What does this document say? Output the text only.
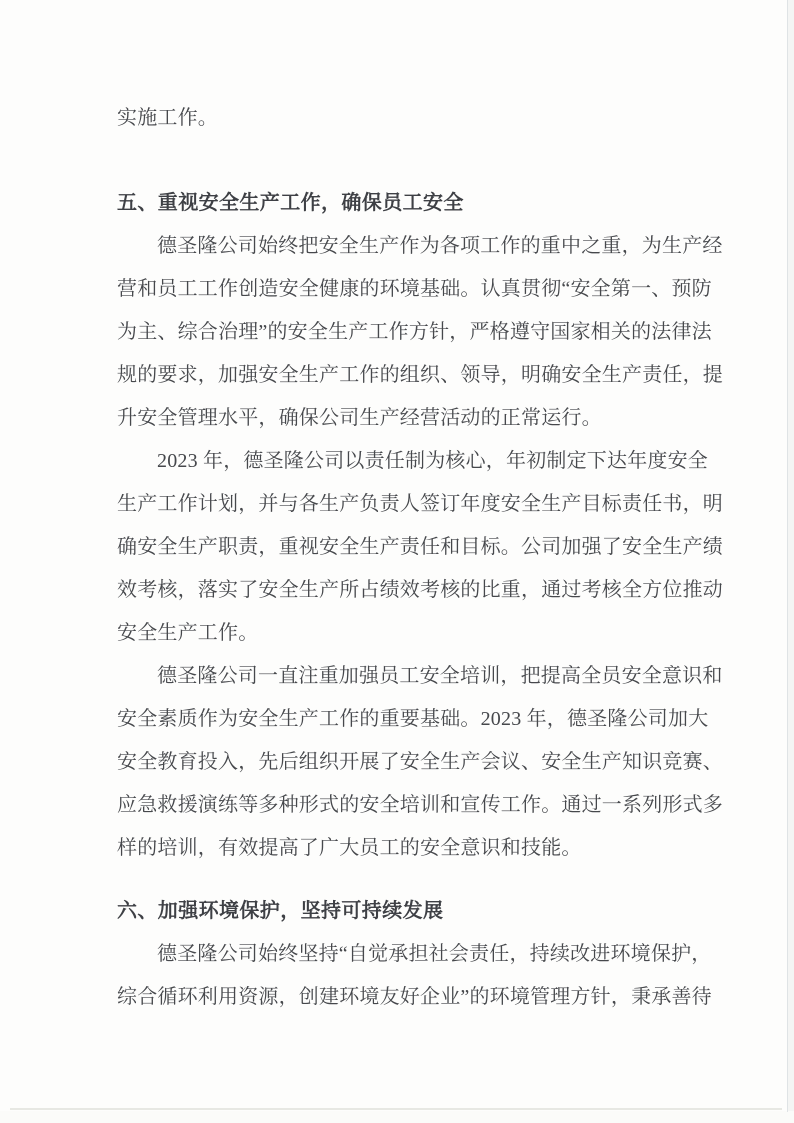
实施工作。

五、重视安全生产工作，确保员工安全

德圣隆公司始终把安全生产作为各项工作的重中之重，为生产经

营和员工工作创造安全健康的环境基础。认真贯彻“安全第一、预防

为主、综合治理”的安全生产工作方针，严格遵守国家相关的法律法

规的要求，加强安全生产工作的组织、领导，明确安全生产责任，提

升安全管理水平，确保公司生产经营活动的正常运行。

2023 年，德圣隆公司以责任制为核心，年初制定下达年度安全

生产工作计划，并与各生产负责人签订年度安全生产目标责任书，明

确安全生产职责，重视安全生产责任和目标。公司加强了安全生产绩

效考核，落实了安全生产所占绩效考核的比重，通过考核全方位推动

安全生产工作。

德圣隆公司一直注重加强员工安全培训，把提高全员安全意识和

安全素质作为安全生产工作的重要基础。2023 年，德圣隆公司加大

安全教育投入，先后组织开展了安全生产会议、安全生产知识竞赛、

应急救援演练等多种形式的安全培训和宣传工作。通过一系列形式多

样的培训，有效提高了广大员工的安全意识和技能。

六、加强环境保护，坚持可持续发展

德圣隆公司始终坚持“自觉承担社会责任，持续改进环境保护，

综合循环利用资源，创建环境友好企业”的环境管理方针，秉承善待
